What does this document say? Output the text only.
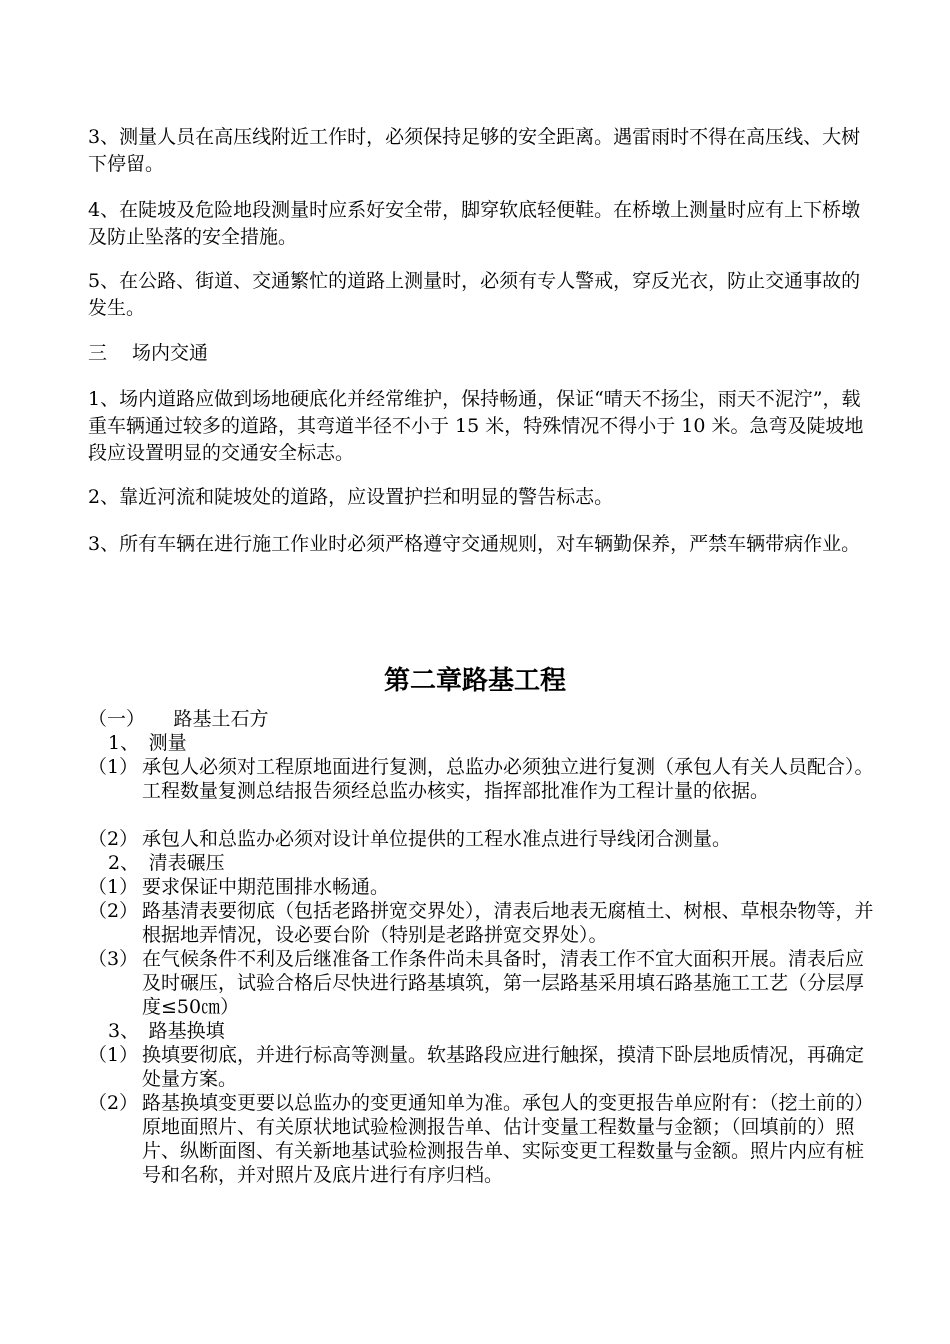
3、测量人员在高压线附近工作时，必须保持足够的安全距离。遇雷雨时不得在高压线、大树下停留。

4、在陡坡及危险地段测量时应系好安全带，脚穿软底轻便鞋。在桥墩上测量时应有上下桥墩及防止坠落的安全措施。

5、在公路、街道、交通繁忙的道路上测量时，必须有专人警戒，穿反光衣，防止交通事故的发生。

三　 场内交通

1、场内道路应做到场地硬底化并经常维护，保持畅通，保证“晴天不扬尘，雨天不泥泞”，载重车辆通过较多的道路，其弯道半径不小于 15 米，特殊情况不得小于 10 米。急弯及陡坡地段应设置明显的交通安全标志。

2、靠近河流和陡坡处的道路，应设置护拦和明显的警告标志。

3、所有车辆在进行施工作业时必须严格遵守交通规则，对车辆勤保养，严禁车辆带病作业。

第二章路基工程

（一）　　路基土石方

1、　测量

（1） 承包人必须对工程原地面进行复测，总监办必须独立进行复测（承包人有关人员配合）。工程数量复测总结报告须经总监办核实，指挥部批准作为工程计量的依据。
（2） 承包人和总监办必须对设计单位提供的工程水准点进行导线闭合测量。

2、　清表碾压

（1） 要求保证中期范围排水畅通。
（2） 路基清表要彻底（包括老路拼宽交界处），清表后地表无腐植土、树根、草根杂物等，并根据地弄情况，设必要台阶（特别是老路拼宽交界处）。
（3） 在气候条件不利及后继准备工作条件尚未具备时，清表工作不宜大面积开展。清表后应及时碾压，试验合格后尽快进行路基填筑，第一层路基采用填石路基施工工艺（分层厚度≤50㎝）

3、　路基换填

（1） 换填要彻底，并进行标高等测量。软基路段应进行触探，摸清下卧层地质情况，再确定处量方案。
（2） 路基换填变更要以总监办的变更通知单为准。承包人的变更报告单应附有：（挖土前的）原地面照片、有关原状地试验检测报告单、估计变量工程数量与金额；（回填前的）照片、纵断面图、有关新地基试验检测报告单、实际变更工程数量与金额。照片内应有桩号和名称，并对照片及底片进行有序归档。
